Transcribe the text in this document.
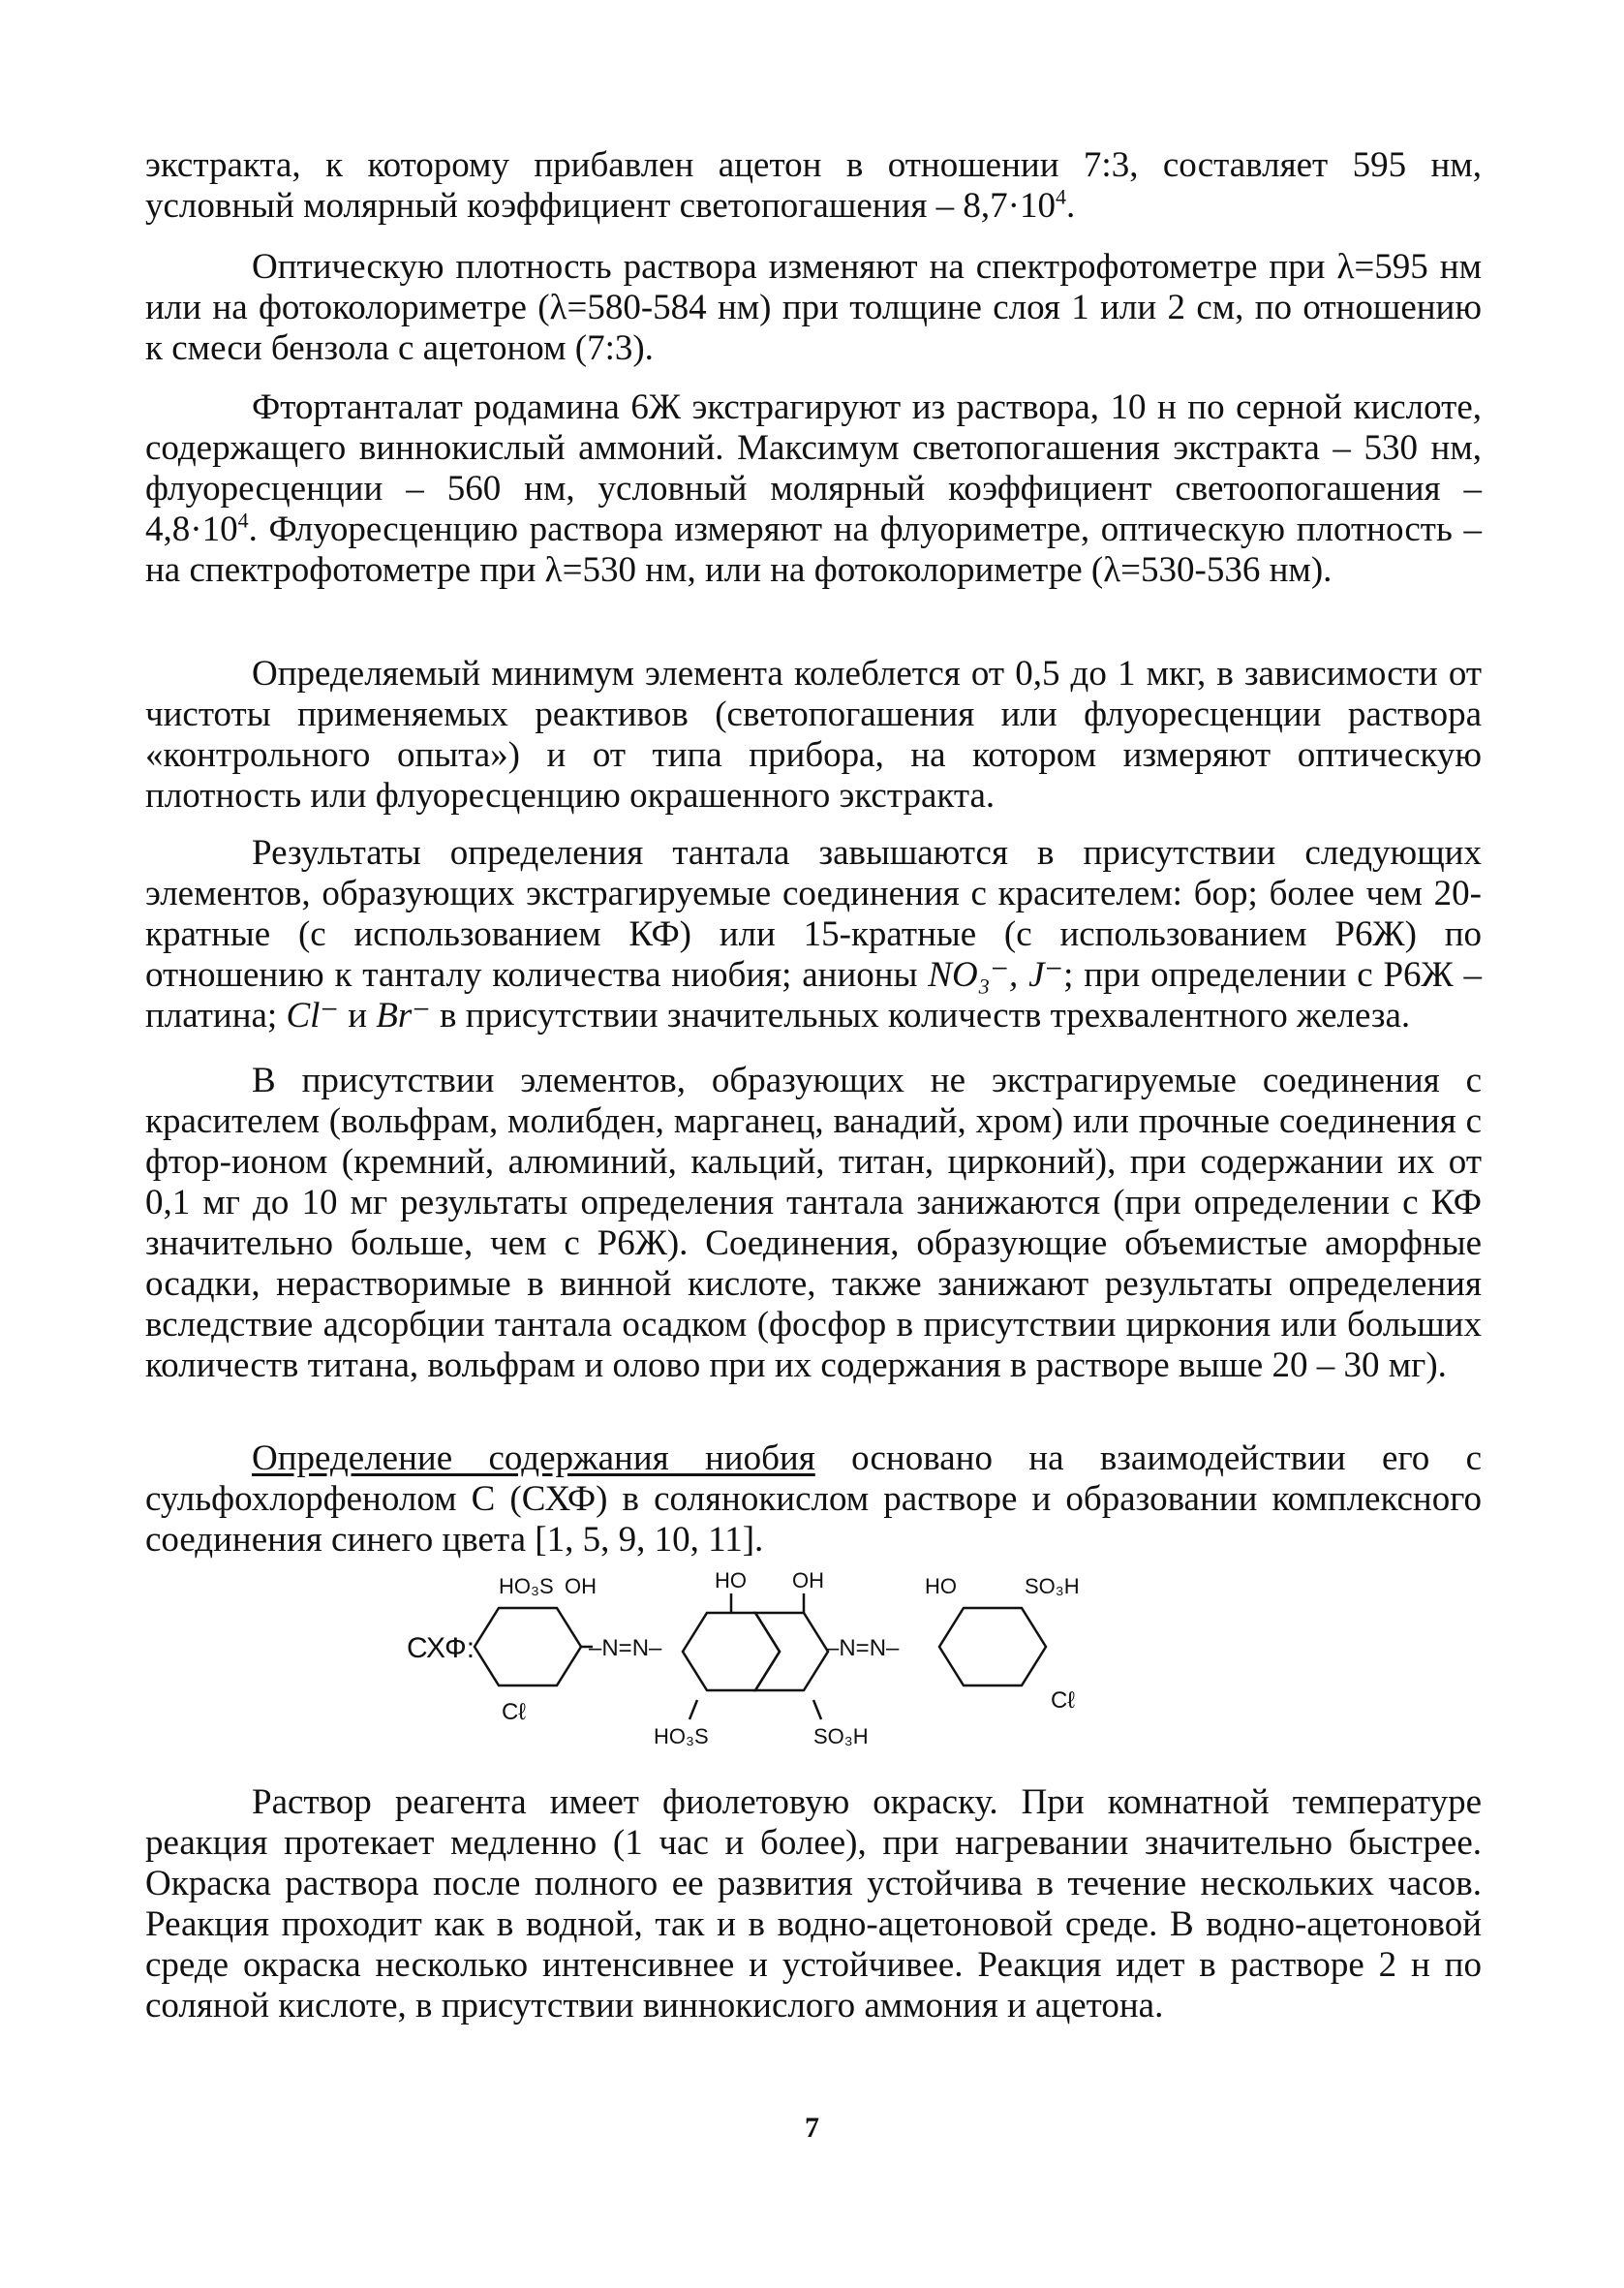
экстракта, к которому прибавлен ацетон в отношении 7:3, составляет 595 нм, условный молярный коэффициент светопогашения – $8,7\cdot 10^4$.

Оптическую плотность раствора изменяют на спектрофотометре при λ=595 нм или на фотоколориметре (λ=580-584 нм) при толщине слоя 1 или 2 см, по отношению к смеси бензола с ацетоном (7:3).

Фтортанталат родамина 6Ж экстрагируют из раствора, 10 н по серной кислоте, содержащего виннокислый аммоний. Максимум светопогашения экстракта – 530 нм, флуоресценции – 560 нм, условный молярный коэффициент светоопогашения – $4,8\cdot 10^4$. Флуоресценцию раствора измеряют на флуориметре, оптическую плотность – на спектрофотометре при λ=530 нм, или на фотоколориметре (λ=530-536 нм).

Определяемый минимум элемента колеблется от 0,5 до 1 мкг, в зависимости от чистоты применяемых реактивов (светопогашения или флуоресценции раствора «контрольного опыта») и от типа прибора, на котором измеряют оптическую плотность или флуоресценцию окрашенного экстракта.

Результаты определения тантала завышаются в присутствии следующих элементов, образующих экстрагируемые соединения с красителем: бор; более чем 20-кратные (с использованием КФ) или 15-кратные (с использованием Р6Ж) по отношению к танталу количества ниобия; анионы NO₃⁻, J⁻; при определении с Р6Ж – платина; Cl⁻ и Br⁻ в присутствии значительных количеств трехвалентного железа.

В присутствии элементов, образующих не экстрагируемые соединения с красителем (вольфрам, молибден, марганец, ванадий, хром) или прочные соединения с фтор-ионом (кремний, алюминий, кальций, титан, цирконий), при содержании их от 0,1 мг до 10 мг результаты определения тантала занижаются (при определении с КФ значительно больше, чем с Р6Ж). Соединения, образующие объемистые аморфные осадки, нерастворимые в винной кислоте, также занижают результаты определения вследствие адсорбции тантала осадком (фосфор в присутствии циркония или больших количеств титана, вольфрам и олово при их содержания в растворе выше 20 – 30 мг).

Определение содержания ниобия основано на взаимодействии его с сульфохлорфенолом С (СХФ) в солянокислом растворе и образовании комплексного соединения синего цвета [1, 5, 9, 10, 11].

СХФ:
HO₃S OH
Cℓ
–N=N–
HO OH
HO₃S	SO₃H
–N=N–
HO	SO₃H
Cℓ

Раствор реагента имеет фиолетовую окраску. При комнатной температуре реакция протекает медленно (1 час и более), при нагревании значительно быстрее. Окраска раствора после полного ее развития устойчива в течение нескольких часов. Реакция проходит как в водной, так и в водно-ацетоновой среде. В водно-ацетоновой среде окраска несколько интенсивнее и устойчивее. Реакция идет в растворе 2 н по соляной кислоте, в присутствии виннокислого аммония и ацетона.

7
